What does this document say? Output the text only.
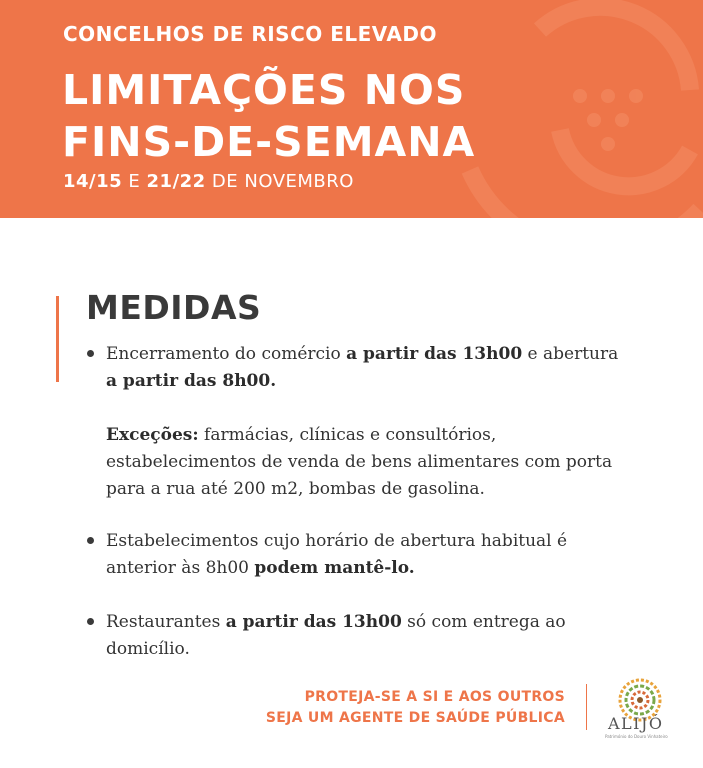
CONCELHOS DE RISCO ELEVADO
LIMITAÇÕES NOS
FINS-DE-SEMANA
14/15 E 21/22 DE NOVEMBRO
MEDIDAS
Encerramento do comércio a partir das 13h00 e abertura a partir das 8h00.
Exceções: farmácias, clínicas e consultórios, estabelecimentos de venda de bens alimentares com porta para a rua até 200 m2, bombas de gasolina.
Estabelecimentos cujo horário de abertura habitual é anterior às 8h00 podem mantê-lo.
Restaurantes a partir das 13h00 só com entrega ao domicílio.
PROTEJA-SE A SI E AOS OUTROS
SEJA UM AGENTE DE SAÚDE PÚBLICA	ALIJÓ
Património do Douro Vinhateiro
